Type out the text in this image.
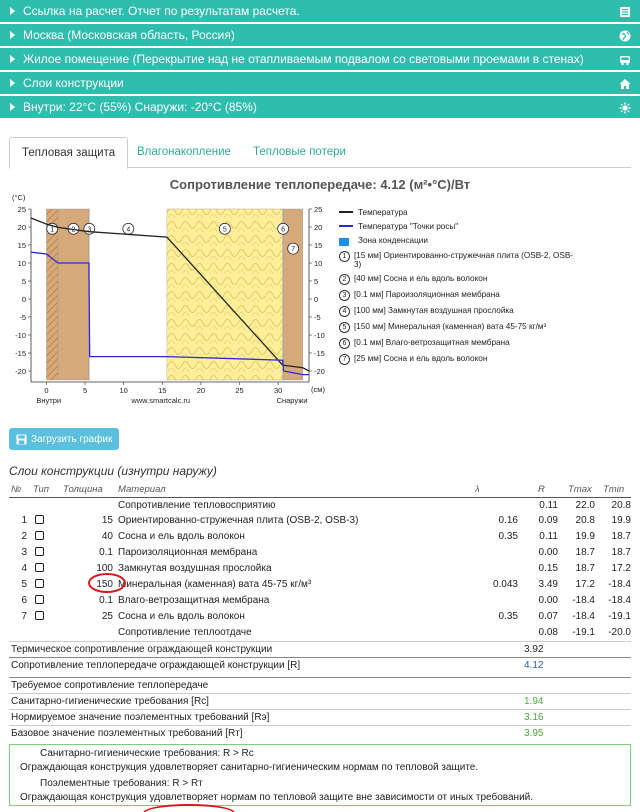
Ссылка на расчет. Отчет по результатам расчета.
Москва (Московская область, Россия)
Жилое помещение (Перекрытие над не отапливаемым подвалом со световыми проемами в стенах)
Слои конструкции
Внутри: 22°C (55%) Снаружи: -20°C (85%)
Тепловая защита	Влагонакопление	Тепловые потери
Сопротивление теплопередаче: 4.12 (м²•°С)/Вт
1 2 3	4	5	6
7
25
20
15
10
5
0
-5
-10
-15
-20
25
20
15
10
5
0
-5
-10
-15
-20
0	5	10	15	20	25	30
(°C)
(см)
Внутри	Снаружи
www.smartcalc.ru
Температура
Температура "Точки росы"
Зона конденсации
1 [15 мм] Ориентированно-стружечная плита (OSB-2, OSB-3)
2 [40 мм] Сосна и ель вдоль волокон
3 [0.1 мм] Пароизоляционная мембрана
4 [100 мм] Замкнутая воздушная прослойка
5 [150 мм] Минеральная (каменная) вата 45-75 кг/м³
6 [0.1 мм] Влаго-ветрозащитная мембрана
7 [25 мм] Сосна и ель вдоль волокон
Загрузить график
Слои конструкции (изнутри наружу)
№	Тип	Толщина	Материал	λ	R	Tmax	Tmin
			Сопротивление тепловосприятию		0.11	22.0	20.8
1		15	Ориентированно-стружечная плита (OSB-2, OSB-3)	0.16	0.09	20.8	19.9
2		40	Сосна и ель вдоль волокон	0.35	0.11	19.9	18.7
3		0.1	Пароизоляционная мембрана		0.00	18.7	18.7
4		100	Замкнутая воздушная прослойка		0.15	18.7	17.2
5		150	Минеральная (каменная) вата 45-75 кг/м³	0.043	3.49	17.2	-18.4
6		0.1	Влаго-ветрозащитная мембрана		0.00	-18.4	-18.4
7		25	Сосна и ель вдоль волокон	0.35	0.07	-18.4	-19.1
			Сопротивление теплоотдаче		0.08	-19.1	-20.0
Термическое сопротивление ограждающей конструкции	3.92
Сопротивление теплопередаче ограждающей конструкции [R]	4.12
Требуемое сопротивление теплопередаче
Санитарно-гигиенические требования [Rc]	1.94
Нормируемое значение поэлементных требований [Rэ]	3.16
Базовое значение поэлементных требований [Rт]	3.95
Санитарно-гигиенические требования: R > Rc
Ограждающая конструкция удовлетворяет санитарно-гигиеническим нормам по тепловой защите.
Поэлементные требования: R > Rт
Ограждающая конструкция удовлетворяет нормам по тепловой защите вне зависимости от иных требований.
